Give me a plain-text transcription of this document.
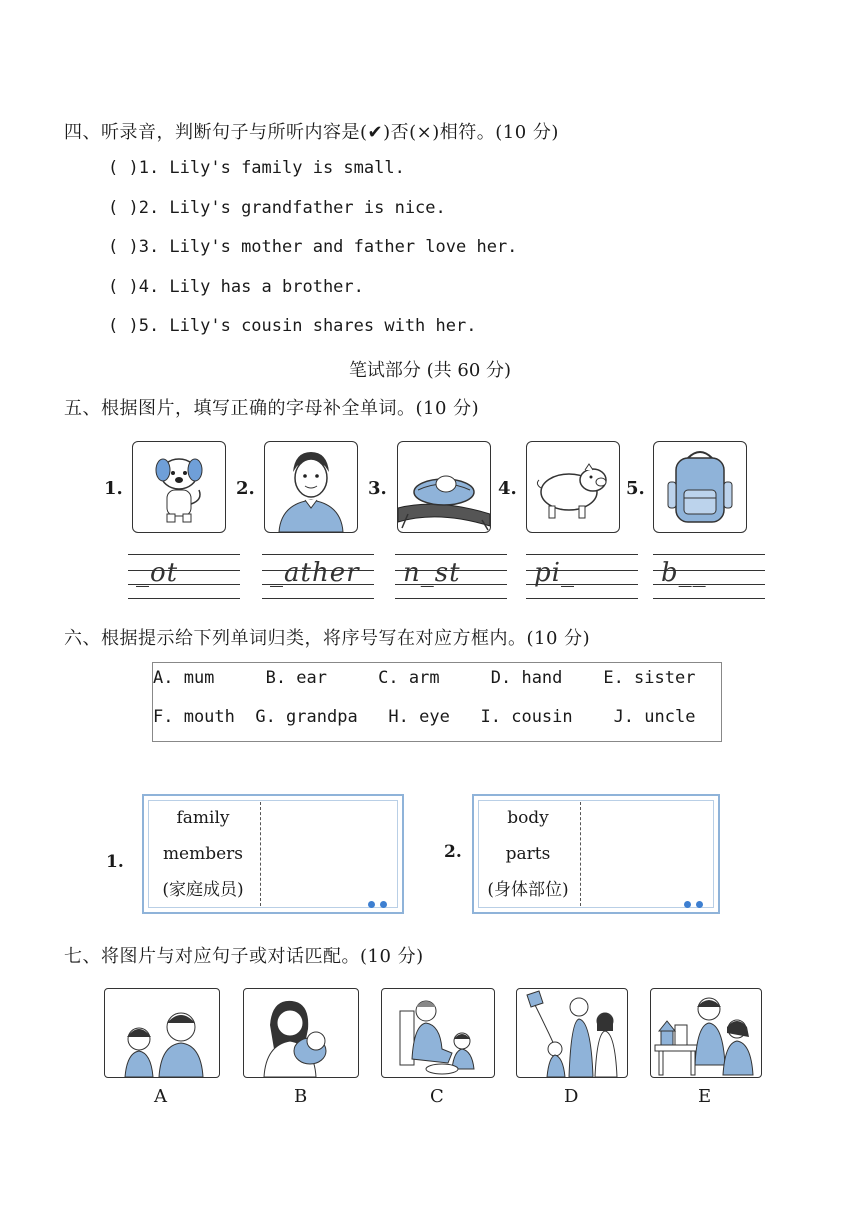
四、听录音，判断句子与所听内容是(✔)否(×)相符。(10 分)
( )1. Lily's family is small.
( )2. Lily's grandfather is nice.
( )3. Lily's mother and father love her.
( )4. Lily has a brother.
( )5. Lily's cousin shares with her.
笔试部分 (共 60 分)
五、根据图片，填写正确的字母补全单词。(10 分)
1.
_ot
2.
_ather
3.
n_st
4.
pi_
5.
b__
六、根据提示给下列单词归类，将序号写在对应方框内。(10 分)
A. mum     B. ear     C. arm     D. hand    E. sister
F. mouth  G. grandpa   H. eye   I. cousin    J. uncle
1.
family
members
(家庭成员)
2.
body
parts
(身体部位)
七、将图片与对应句子或对话匹配。(10 分)
A	B	C	D	E
